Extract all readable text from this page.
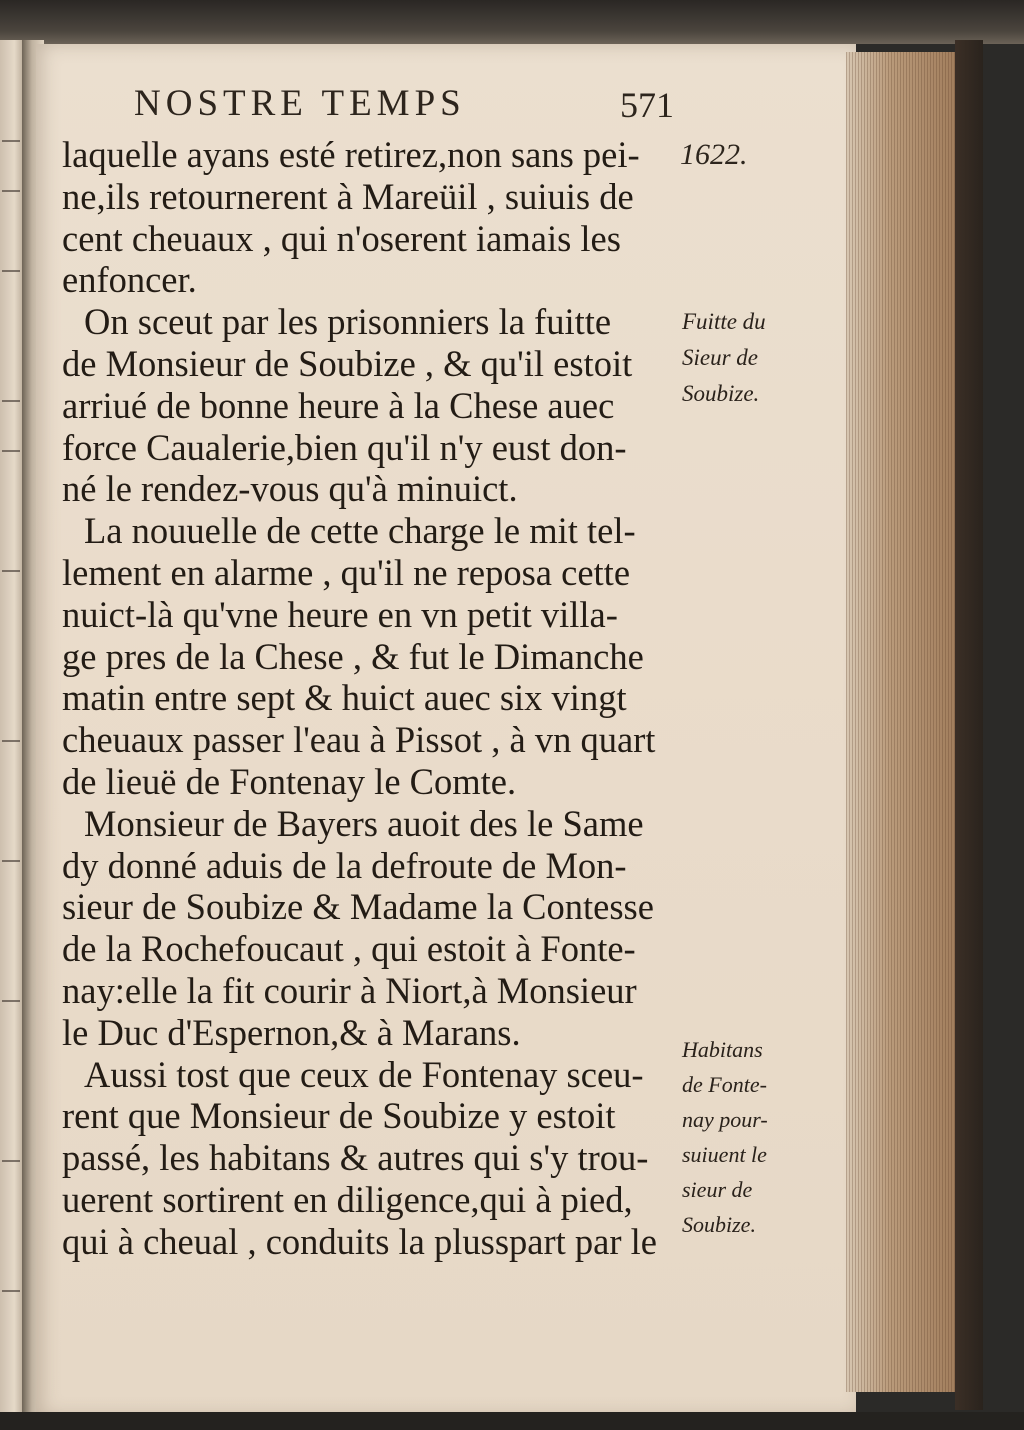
NOSTRE TEMPS	571
1622.
laquelle ayans esté retirez,non sans pei-
ne,ils retournerent à Mareüil , suiuis de
cent cheuaux , qui n'oserent iamais les
enfoncer.
On sceut par les prisonniers la fuitte
de Monsieur de Soubize , & qu'il estoit
arriué de bonne heure à la Chese auec
force Caualerie,bien qu'il n'y eust don-
né le rendez-vous qu'à minuict.
La nouuelle de cette charge le mit tel-
lement en alarme , qu'il ne reposa cette
nuict-là qu'vne heure en vn petit villa-
ge pres de la Chese , & fut le Dimanche
matin entre sept & huict auec six vingt
cheuaux passer l'eau à Pissot , à vn quart
de lieuë de Fontenay le Comte.
Monsieur de Bayers auoit des le Same
dy donné aduis de la defroute de Mon-
sieur de Soubize & Madame la Contesse
de la Rochefoucaut , qui estoit à Fonte-
nay:elle la fit courir à Niort,à Monsieur
le Duc d'Espernon,& à Marans.
Aussi tost que ceux de Fontenay sceu-
rent que Monsieur de Soubize y estoit
passé, les habitans & autres qui s'y trou-
uerent sortirent en diligence,qui à pied,
qui à cheual , conduits la plusspart par le
Fuitte du
Sieur de
Soubize.
Habitans
de Fonte-
nay pour-
suiuent le
sieur de
Soubize.
